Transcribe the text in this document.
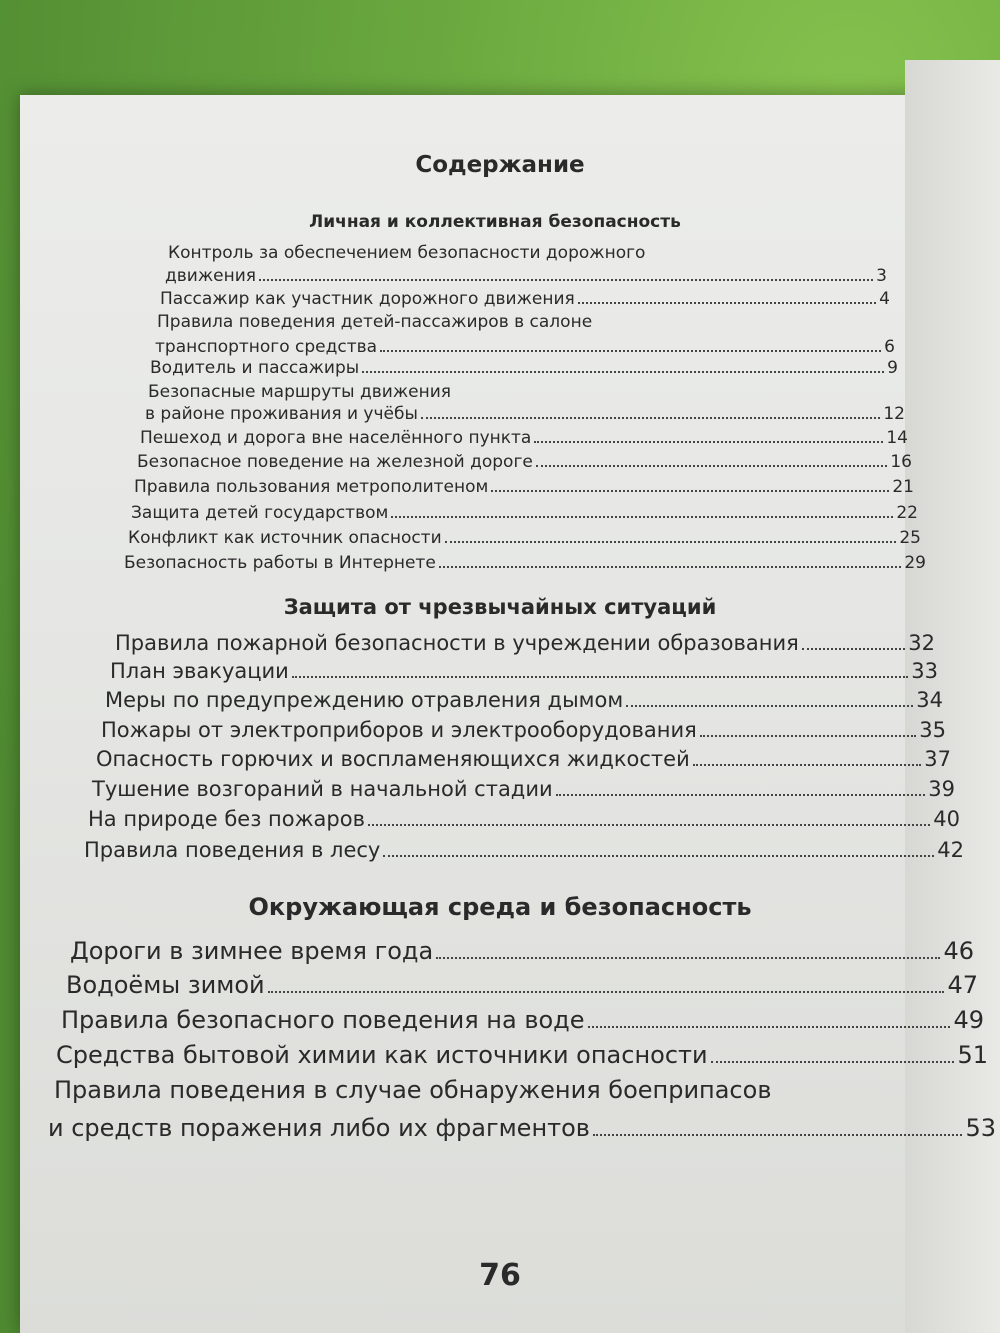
Содержание
Личная и коллективная безопасность
Контроль за обеспечением безопасности дорожного
движения	3
Пассажир как участник дорожного движения	4
Правила поведения детей-пассажиров в салоне
транспортного средства	6
Водитель и пассажиры	9
Безопасные маршруты движения
в районе проживания и учёбы	12
Пешеход и дорога вне населённого пункта	14
Безопасное поведение на железной дороге	16
Правила пользования метрополитеном	21
Защита детей государством	22
Конфликт как источник опасности	25
Безопасность работы в Интернете	29
Защита от чрезвычайных ситуаций
Правила пожарной безопасности в учреждении образования	32
План эвакуации	33
Меры по предупреждению отравления дымом	34
Пожары от электроприборов и электрооборудования	35
Опасность горючих и воспламеняющихся жидкостей	37
Тушение возгораний в начальной стадии	39
На природе без пожаров	40
Правила поведения в лесу	42
Окружающая среда и безопасность
Дороги в зимнее время года	46
Водоёмы зимой	47
Правила безопасного поведения на воде	49
Средства бытовой химии как источники опасности	51
Правила поведения в случае обнаружения боеприпасов
и средств поражения либо их фрагментов	53
76
